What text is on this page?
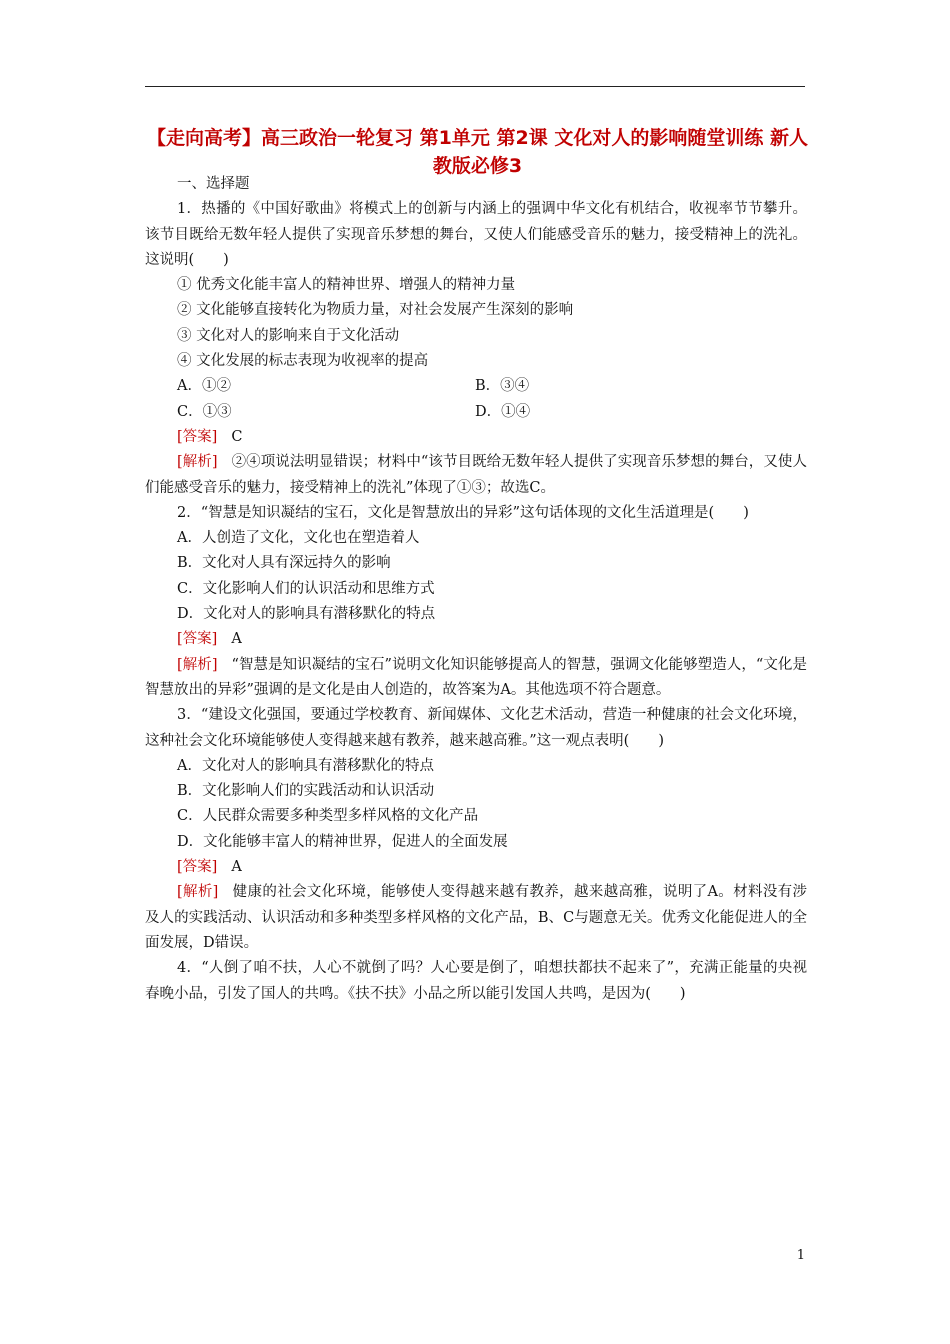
【走向高考】高三政治一轮复习 第1单元 第2课 文化对人的影响随堂训练 新人教版必修3

一、选择题

1．热播的《中国好歌曲》将模式上的创新与内涵上的强调中华文化有机结合，收视率节节攀升。该节目既给无数年轻人提供了实现音乐梦想的舞台，又使人们能感受音乐的魅力，接受精神上的洗礼。这说明(　　)

① 优秀文化能丰富人的精神世界、增强人的精神力量

② 文化能够直接转化为物质力量，对社会发展产生深刻的影响

③ 文化对人的影响来自于文化活动

④ 文化发展的标志表现为收视率的提高

A．①②	B．③④
C．①③	D．①④

[答案] C

[解析] ②④项说法明显错误；材料中“该节目既给无数年轻人提供了实现音乐梦想的舞台，又使人们能感受音乐的魅力，接受精神上的洗礼”体现了①③；故选C。

2．“智慧是知识凝结的宝石，文化是智慧放出的异彩”这句话体现的文化生活道理是(　　)

A．人创造了文化，文化也在塑造着人

B．文化对人具有深远持久的影响

C．文化影响人们的认识活动和思维方式

D．文化对人的影响具有潜移默化的特点

[答案] A

[解析] “智慧是知识凝结的宝石”说明文化知识能够提高人的智慧，强调文化能够塑造人，“文化是智慧放出的异彩”强调的是文化是由人创造的，故答案为A。其他选项不符合题意。

3．“建设文化强国，要通过学校教育、新闻媒体、文化艺术活动，营造一种健康的社会文化环境，这种社会文化环境能够使人变得越来越有教养，越来越高雅。”这一观点表明(　　)

A．文化对人的影响具有潜移默化的特点

B．文化影响人们的实践活动和认识活动

C．人民群众需要多种类型多样风格的文化产品

D．文化能够丰富人的精神世界，促进人的全面发展

[答案] A

[解析] 健康的社会文化环境，能够使人变得越来越有教养，越来越高雅，说明了A。材料没有涉及人的实践活动、认识活动和多种类型多样风格的文化产品，B、C与题意无关。优秀文化能促进人的全面发展，D错误。

4．“人倒了咱不扶，人心不就倒了吗？人心要是倒了，咱想扶都扶不起来了”，充满正能量的央视春晚小品，引发了国人的共鸣。《扶不扶》小品之所以能引发国人共鸣，是因为(　　)

1
